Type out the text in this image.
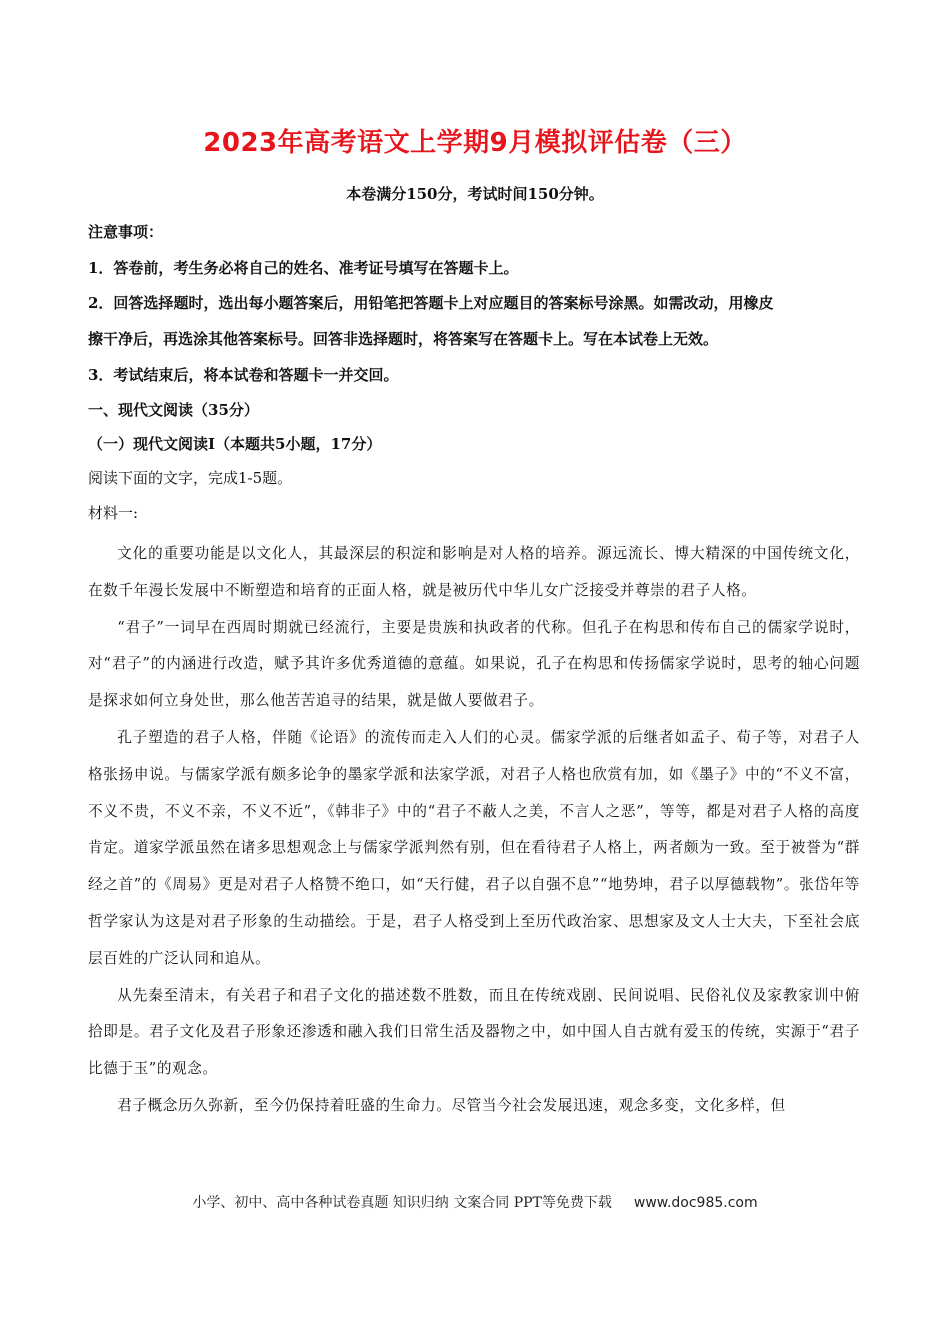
2023年高考语文上学期9月模拟评估卷（三）
本卷满分150分，考试时间150分钟。
注意事项：
1．答卷前，考生务必将自己的姓名、准考证号填写在答题卡上。
2．回答选择题时，选出每小题答案后，用铅笔把答题卡上对应题目的答案标号涂黑。如需改动，用橡皮
擦干净后，再选涂其他答案标号。回答非选择题时，将答案写在答题卡上。写在本试卷上无效。
3．考试结束后，将本试卷和答题卡一并交回。
一、现代文阅读（35分）
（一）现代文阅读Ⅰ（本题共5小题，17分）
阅读下面的文字，完成1-5题。
材料一:

文化的重要功能是以文化人，其最深层的积淀和影响是对人格的培养。源远流长、博大精深的中国传统文化，在数千年漫长发展中不断塑造和培育的正面人格，就是被历代中华儿女广泛接受并尊崇的君子人格。

“君子”一词早在西周时期就已经流行，主要是贵族和执政者的代称。但孔子在构思和传布自己的儒家学说时，对“君子”的内涵进行改造，赋予其许多优秀道德的意蕴。如果说，孔子在构思和传扬儒家学说时，思考的轴心问题是探求如何立身处世，那么他苦苦追寻的结果，就是做人要做君子。

孔子塑造的君子人格，伴随《论语》的流传而走入人们的心灵。儒家学派的后继者如孟子、荀子等，对君子人格张扬申说。与儒家学派有颇多论争的墨家学派和法家学派，对君子人格也欣赏有加，如《墨子》中的“不义不富，不义不贵，不义不亲，不义不近”，《韩非子》中的“君子不蔽人之美，不言人之恶”，等等，都是对君子人格的高度肯定。道家学派虽然在诸多思想观念上与儒家学派判然有别，但在看待君子人格上，两者颇为一致。至于被誉为“群经之首”的《周易》更是对君子人格赞不绝口，如“天行健，君子以自强不息”“地势坤，君子以厚德载物”。张岱年等哲学家认为这是对君子形象的生动描绘。于是，君子人格受到上至历代政治家、思想家及文人士大夫，下至社会底层百姓的广泛认同和追从。

从先秦至清末，有关君子和君子文化的描述数不胜数，而且在传统戏剧、民间说唱、民俗礼仪及家教家训中俯拾即是。君子文化及君子形象还渗透和融入我们日常生活及器物之中，如中国人自古就有爱玉的传统，实源于“君子比德于玉”的观念。

君子概念历久弥新，至今仍保持着旺盛的生命力。尽管当今社会发展迅速，观念多变，文化多样，但

小学、初中、高中各种试卷真题 知识归纳 文案合同 PPT等免费下载 www.doc985.com
